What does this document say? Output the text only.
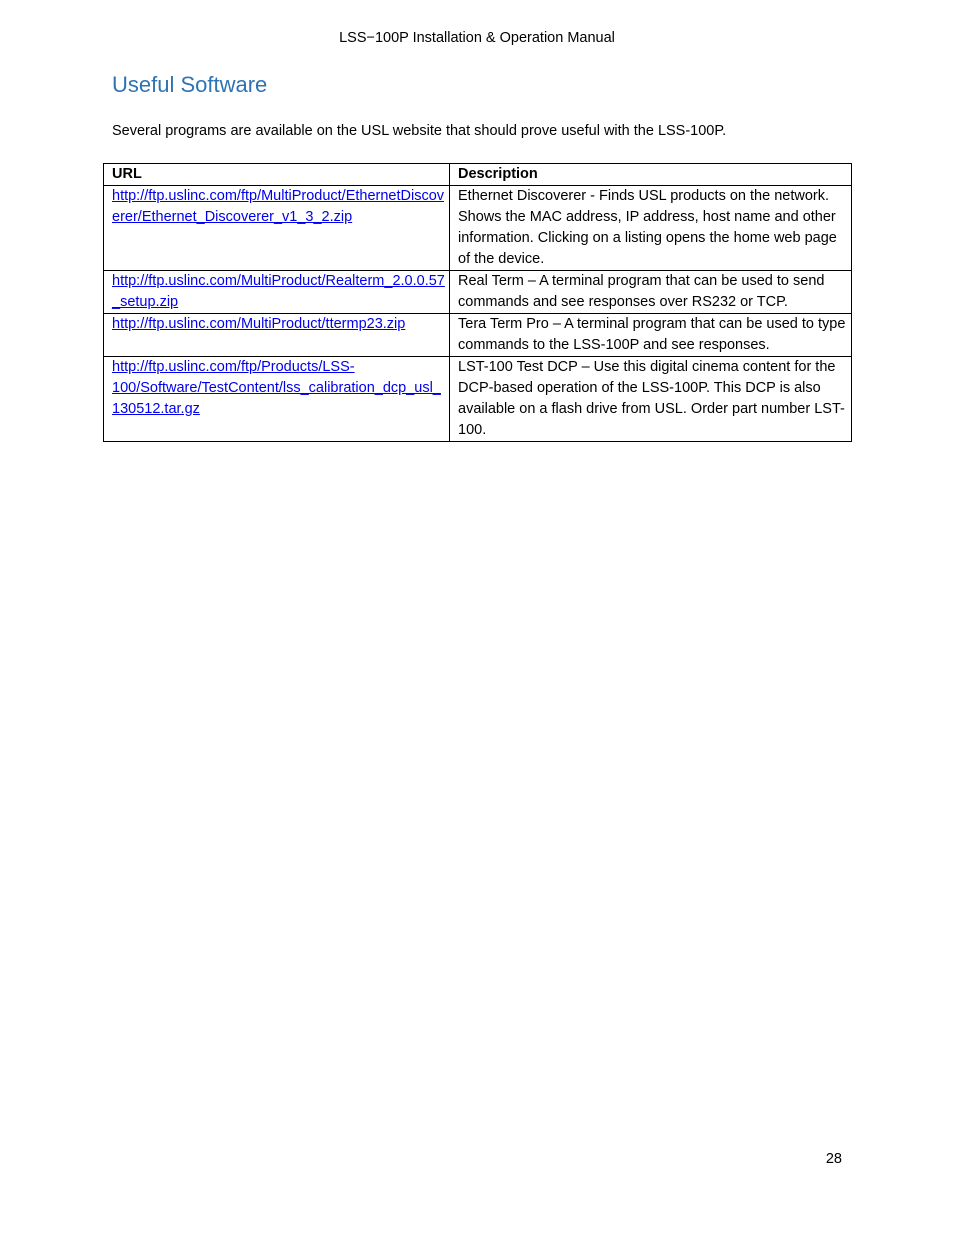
LSS−100P Installation & Operation Manual
Useful Software

Several programs are available on the USL website that should prove useful with the LSS-100P.

URL	Description
http://ftp.uslinc.com/ftp/MultiProduct/EthernetDiscoverer/Ethernet_Discoverer_v1_3_2.zip	Ethernet Discoverer - Finds USL products on the network. Shows the MAC address, IP address, host name and other information. Clicking on a listing opens the home web page of the device.
http://ftp.uslinc.com/MultiProduct/Realterm_2.0.0.57_setup.zip	Real Term – A terminal program that can be used to send commands and see responses over RS232 or TCP.
http://ftp.uslinc.com/MultiProduct/ttermp23.zip	Tera Term Pro – A terminal program that can be used to type commands to the LSS-100P and see responses.
http://ftp.uslinc.com/ftp/Products/LSS-100/Software/TestContent/lss_calibration_dcp_usl_130512.tar.gz	LST-100 Test DCP – Use this digital cinema content for the DCP-based operation of the LSS-100P. This DCP is also available on a flash drive from USL. Order part number LST-100.
28
